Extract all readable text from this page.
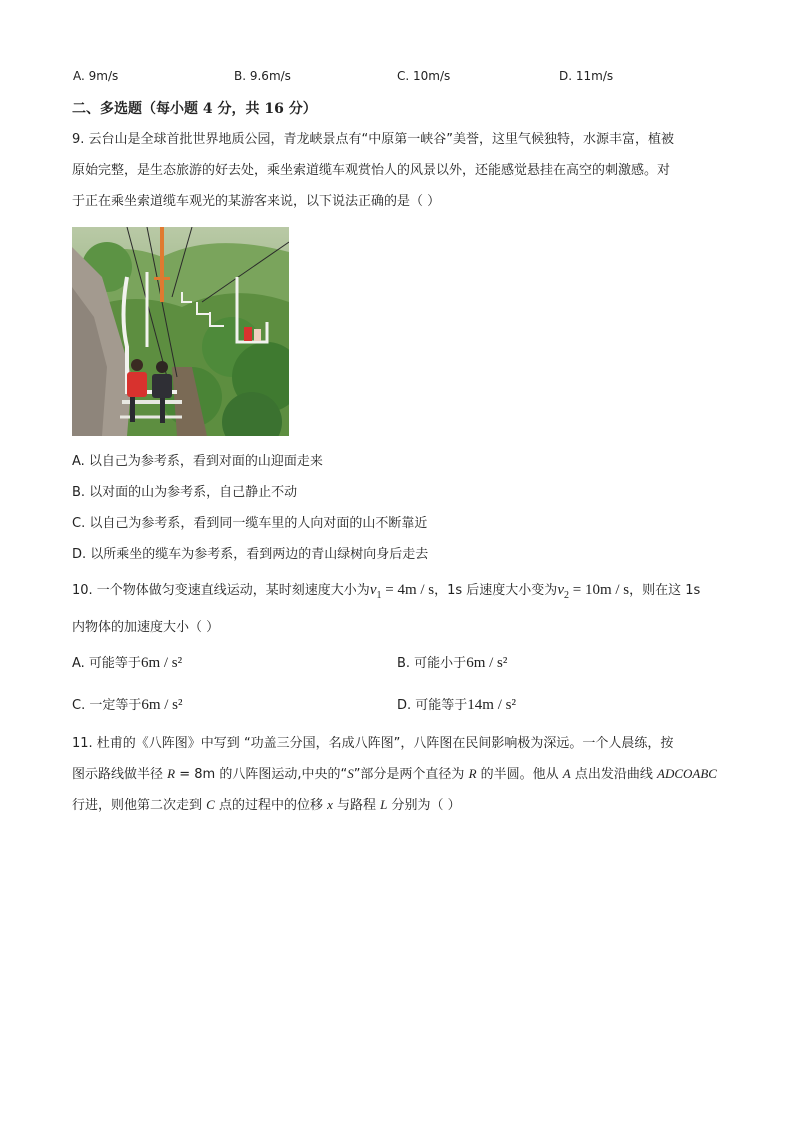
A. 9m/s	B. 9.6m/s	C. 10m/s	D. 11m/s
二、多选题（每小题 4 分，共 16 分）
9. 云台山是全球首批世界地质公园，青龙峡景点有“中原第一峡谷”美誉，这里气候独特，水源丰富，植被
原始完整，是生态旅游的好去处，乘坐索道缆车观赏怡人的风景以外，还能感觉悬挂在高空的刺激感。对
于正在乘坐索道缆车观光的某游客来说，以下说法正确的是（ ）
A. 以自己为参考系，看到对面的山迎面走来
B. 以对面的山为参考系，自己静止不动
C. 以自己为参考系，看到同一缆车里的人向对面的山不断靠近
D. 以所乘坐的缆车为参考系，看到两边的青山绿树向身后走去
10. 一个物体做匀变速直线运动，某时刻速度大小为$v_1 = 4m / s$，1s 后速度大小变为$v_2 = 10m / s$，则在这 1s
内物体的加速度大小（ ）
A. 可能等于6m / s²	B. 可能小于6m / s²
C. 一定等于6m / s²	D. 可能等于14m / s²
11. 杜甫的《八阵图》中写到 “功盖三分国，名成八阵图”，八阵图在民间影响极为深远。一个人晨练，按
图示路线做半径 R = 8m 的八阵图运动,中央的“S”部分是两个直径为 R 的半圆。他从 A 点出发沿曲线 ADCOABC
行进，则他第二次走到 C 点的过程中的位移 x 与路程 L 分别为（ ）
